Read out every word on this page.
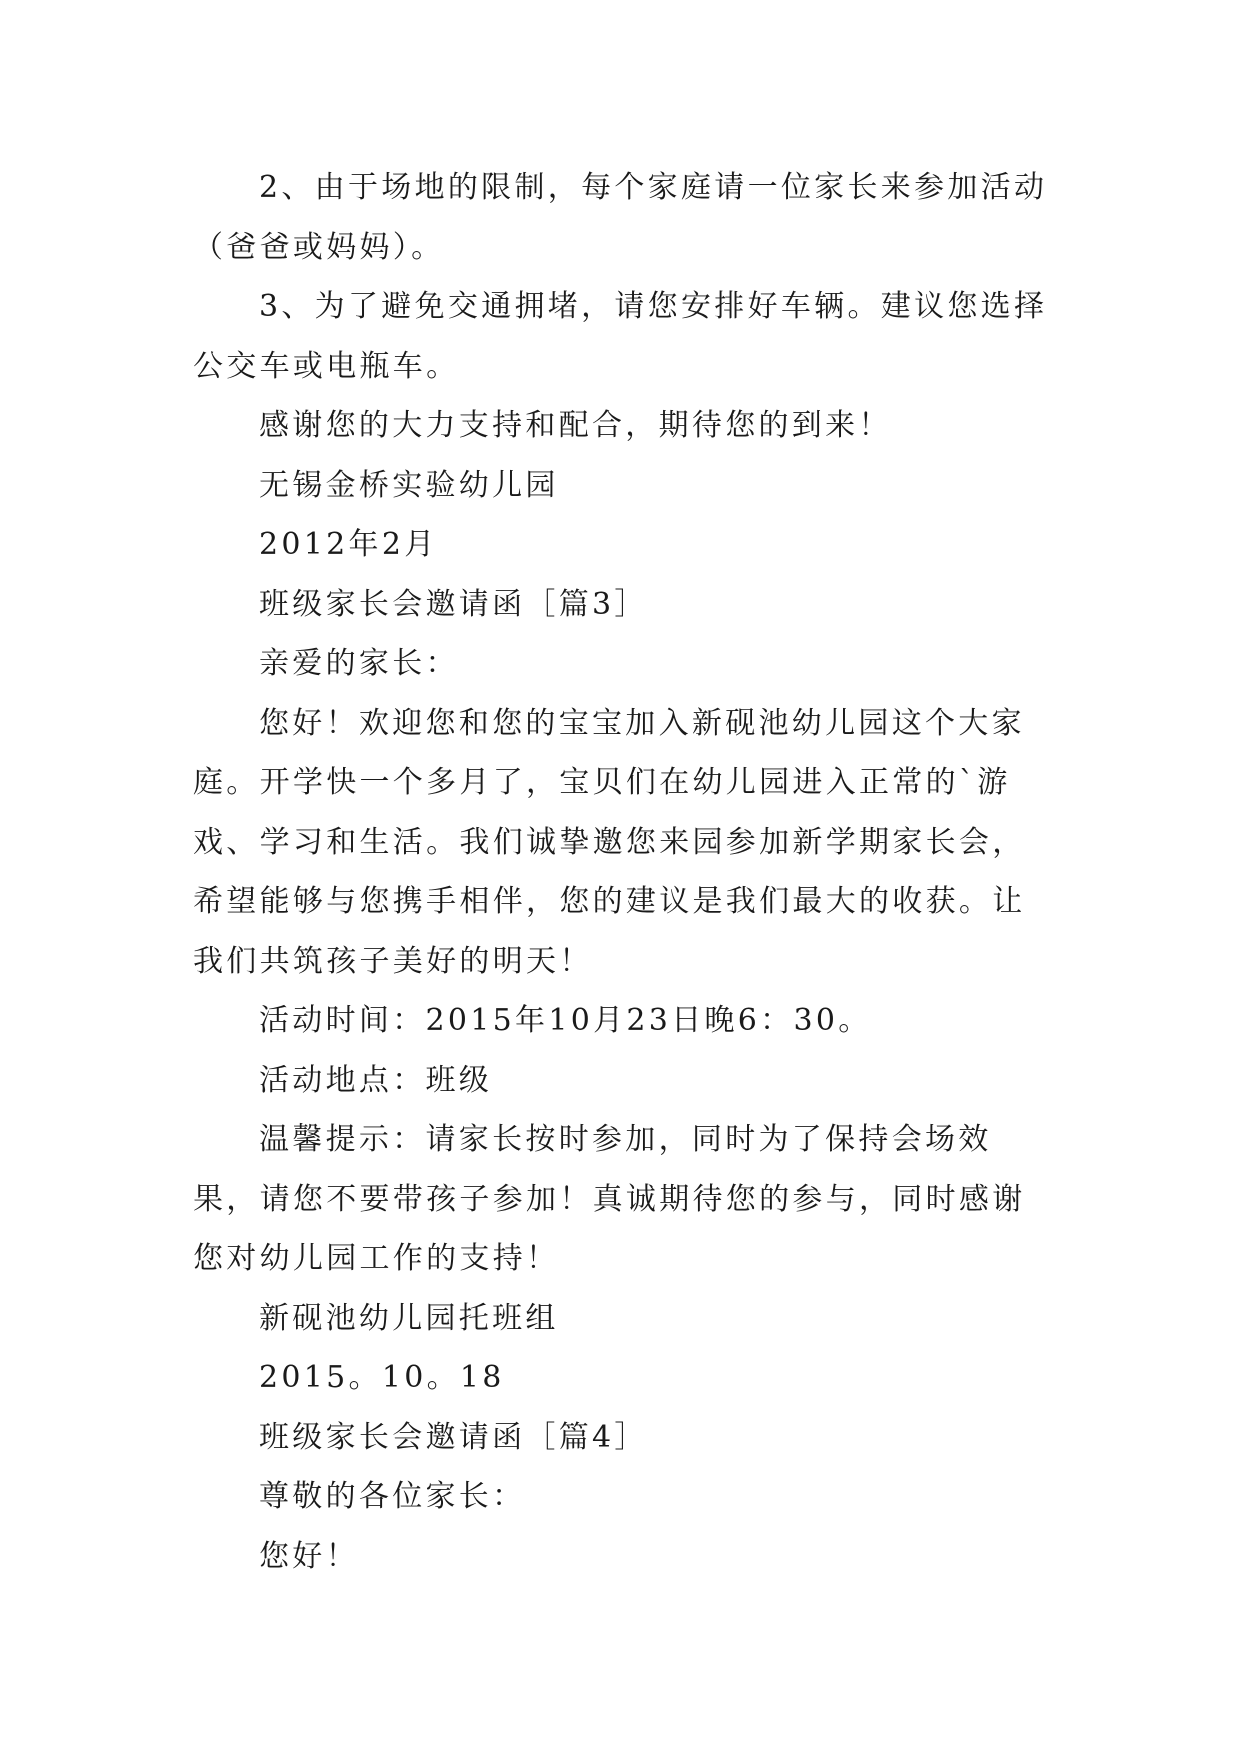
2、由于场地的限制，每个家庭请一位家长来参加活动（爸爸或妈妈）。

3、为了避免交通拥堵，请您安排好车辆。建议您选择公交车或电瓶车。

感谢您的大力支持和配合，期待您的到来！

无锡金桥实验幼儿园

2012年2月

班级家长会邀请函［篇3］

亲爱的家长：

您好！欢迎您和您的宝宝加入新砚池幼儿园这个大家庭。开学快一个多月了，宝贝们在幼儿园进入正常的`游戏、学习和生活。我们诚挚邀您来园参加新学期家长会，希望能够与您携手相伴，您的建议是我们最大的收获。让我们共筑孩子美好的明天！

活动时间：2015年10月23日晚6：30。

活动地点：班级

温馨提示：请家长按时参加，同时为了保持会场效果，请您不要带孩子参加！真诚期待您的参与，同时感谢您对幼儿园工作的支持！

新砚池幼儿园托班组

2015。10。18

班级家长会邀请函［篇4］

尊敬的各位家长：

您好！
